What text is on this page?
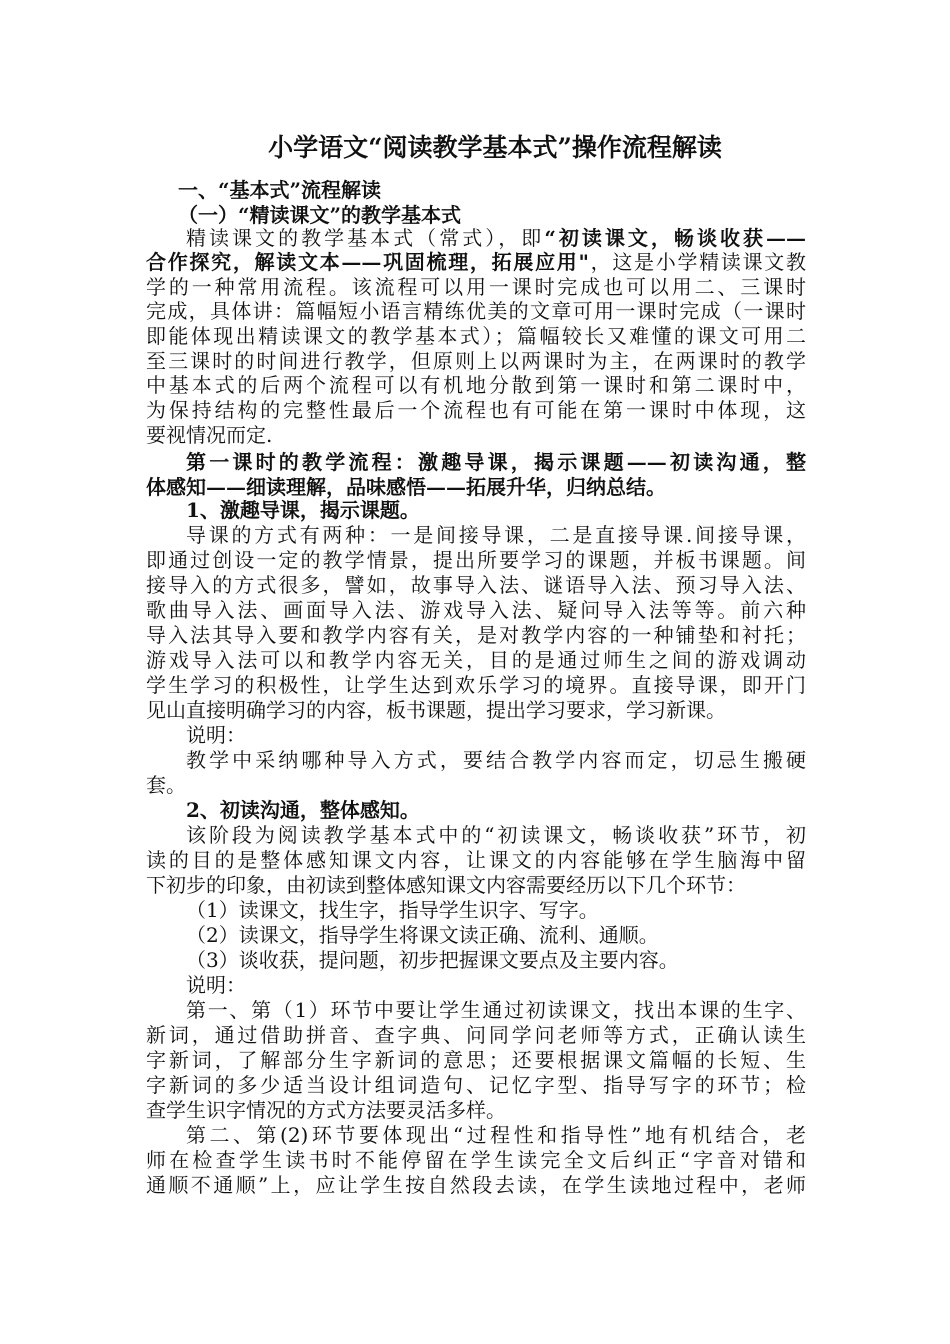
小学语文“阅读教学基本式”操作流程解读
一、“基本式”流程解读
（一）“精读课文”的教学基本式
精读课文的教学基本式（常式），即“初读课文，畅谈收获——
合作探究，解读文本——巩固梳理，拓展应用"，这是小学精读课文教
学的一种常用流程。该流程可以用一课时完成也可以用二、三课时
完成，具体讲：篇幅短小语言精练优美的文章可用一课时完成（一课时
即能体现出精读课文的教学基本式）；篇幅较长又难懂的课文可用二
至三课时的时间进行教学，但原则上以两课时为主，在两课时的教学
中基本式的后两个流程可以有机地分散到第一课时和第二课时中，
为保持结构的完整性最后一个流程也有可能在第一课时中体现，这
要视情况而定.
第一课时的教学流程：激趣导课，揭示课题——初读沟通，整
体感知——细读理解，品味感悟——拓展升华，归纳总结。
1、激趣导课，揭示课题。
导课的方式有两种：一是间接导课，二是直接导课.间接导课，
即通过创设一定的教学情景，提出所要学习的课题，并板书课题。间
接导入的方式很多，譬如，故事导入法、谜语导入法、预习导入法、
歌曲导入法、画面导入法、游戏导入法、疑问导入法等等。前六种
导入法其导入要和教学内容有关，是对教学内容的一种铺垫和衬托；
游戏导入法可以和教学内容无关，目的是通过师生之间的游戏调动
学生学习的积极性，让学生达到欢乐学习的境界。直接导课，即开门
见山直接明确学习的内容，板书课题，提出学习要求，学习新课。
说明：
教学中采纳哪种导入方式，要结合教学内容而定，切忌生搬硬
套。
2、初读沟通，整体感知。
该阶段为阅读教学基本式中的“初读课文，畅谈收获”环节，初
读的目的是整体感知课文内容，让课文的内容能够在学生脑海中留
下初步的印象，由初读到整体感知课文内容需要经历以下几个环节：
（1）读课文，找生字，指导学生识字、写字。
（2）读课文，指导学生将课文读正确、流利、通顺。
（3）谈收获，提问题，初步把握课文要点及主要内容。
说明：
第一、第（1）环节中要让学生通过初读课文，找出本课的生字、
新词，通过借助拼音、查字典、问同学问老师等方式，正确认读生
字新词，了解部分生字新词的意思；还要根据课文篇幅的长短、生
字新词的多少适当设计组词造句、记忆字型、指导写字的环节；检
查学生识字情况的方式方法要灵活多样。
第二、第(2)环节要体现出“过程性和指导性”地有机结合，老
师在检查学生读书时不能停留在学生读完全文后纠正“字音对错和
通顺不通顺”上，应让学生按自然段去读，在学生读地过程中，老师
